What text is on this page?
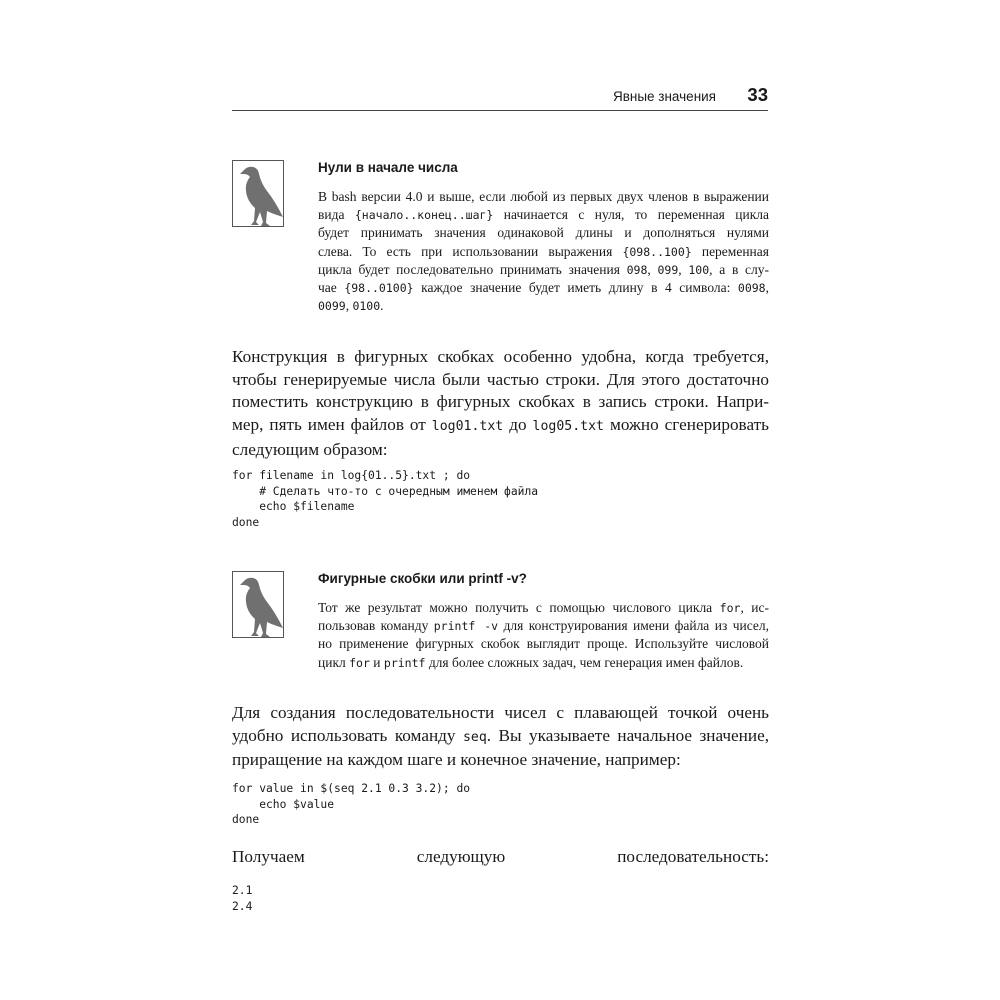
Явные значения 33
Нули в начале числа
В bash версии 4.0 и выше, если любой из первых двух членов в выражении
вида {начало..конец..шаг} начинается с нуля, то переменная цикла
будет принимать значения одинаковой длины и дополняться нулями
слева. То есть при использовании выражения {098..100} переменная
цикла будет последовательно принимать значения 098, 099, 100, а в слу-
чае {98..0100} каждое значение будет иметь длину в 4 символа: 0098,
0099, 0100.
Конструкция в фигурных скобках особенно удобна, когда требуется,
чтобы генерируемые числа были частью строки. Для этого достаточно
поместить конструкцию в фигурных скобках в запись строки. Напри-
мер, пять имен файлов от log01.txt до log05.txt можно сгенерировать
следующим образом:
for filename in log{01..5}.txt ; do
# Сделать что-то с очередным именем файла
echo $filename
done
Фигурные скобки или printf -v?
Тот же результат можно получить с помощью числового цикла for, ис-
пользовав команду printf -v для конструирования имени файла из чисел,
но применение фигурных скобок выглядит проще. Используйте числовой
цикл for и printf для более сложных задач, чем генерация имен файлов.
Для создания последовательности чисел с плавающей точкой очень
удобно использовать команду seq. Вы указываете начальное значение,
приращение на каждом шаге и конечное значение, например:
for value in $(seq 2.1 0.3 3.2); do
echo $value
done
Получаем следующую последовательность:
2.1
2.4
